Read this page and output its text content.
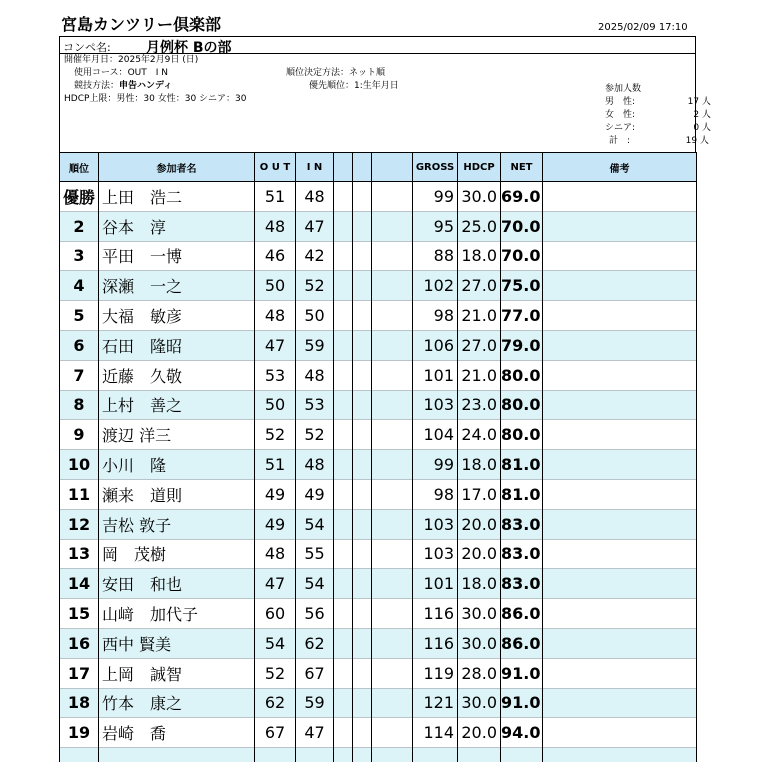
宮島カンツリー倶楽部	2025/02/09 17:10
コンペ名:	月例杯 Bの部
開催年月日：2025年2月9日 (日)
使用コース：OUT　I N
競技方法：申告ハンディ
HDCP上限：男性：30 女性：30 シニア：30
順位決定方法：ネット順
優先順位：1:生年月日	参加人数
男　性:	17 人
女　性:	2 人
シニア:	0 人
計　:	19 人
順位	参加者名	O U T	I N				GROSS	HDCP	NET	備考
優勝	上田　浩二	51	48				99	30.0	69.0	
2	谷本　淳	48	47				95	25.0	70.0	
3	平田　一博	46	42				88	18.0	70.0	
4	深瀬　一之	50	52				102	27.0	75.0	
5	大福　敏彦	48	50				98	21.0	77.0	
6	石田　隆昭	47	59				106	27.0	79.0	
7	近藤　久敬	53	48				101	21.0	80.0	
8	上村　善之	50	53				103	23.0	80.0	
9	渡辺 洋三	52	52				104	24.0	80.0	
10	小川　隆	51	48				99	18.0	81.0	
11	瀬来　道則	49	49				98	17.0	81.0	
12	吉松 敦子	49	54				103	20.0	83.0	
13	岡　茂樹	48	55				103	20.0	83.0	
14	安田　和也	47	54				101	18.0	83.0	
15	山﨑　加代子	60	56				116	30.0	86.0	
16	西中 賢美	54	62				116	30.0	86.0	
17	上岡　誠智	52	67				119	28.0	91.0	
18	竹本　康之	62	59				121	30.0	91.0	
19	岩崎　喬	67	47				114	20.0	94.0	
